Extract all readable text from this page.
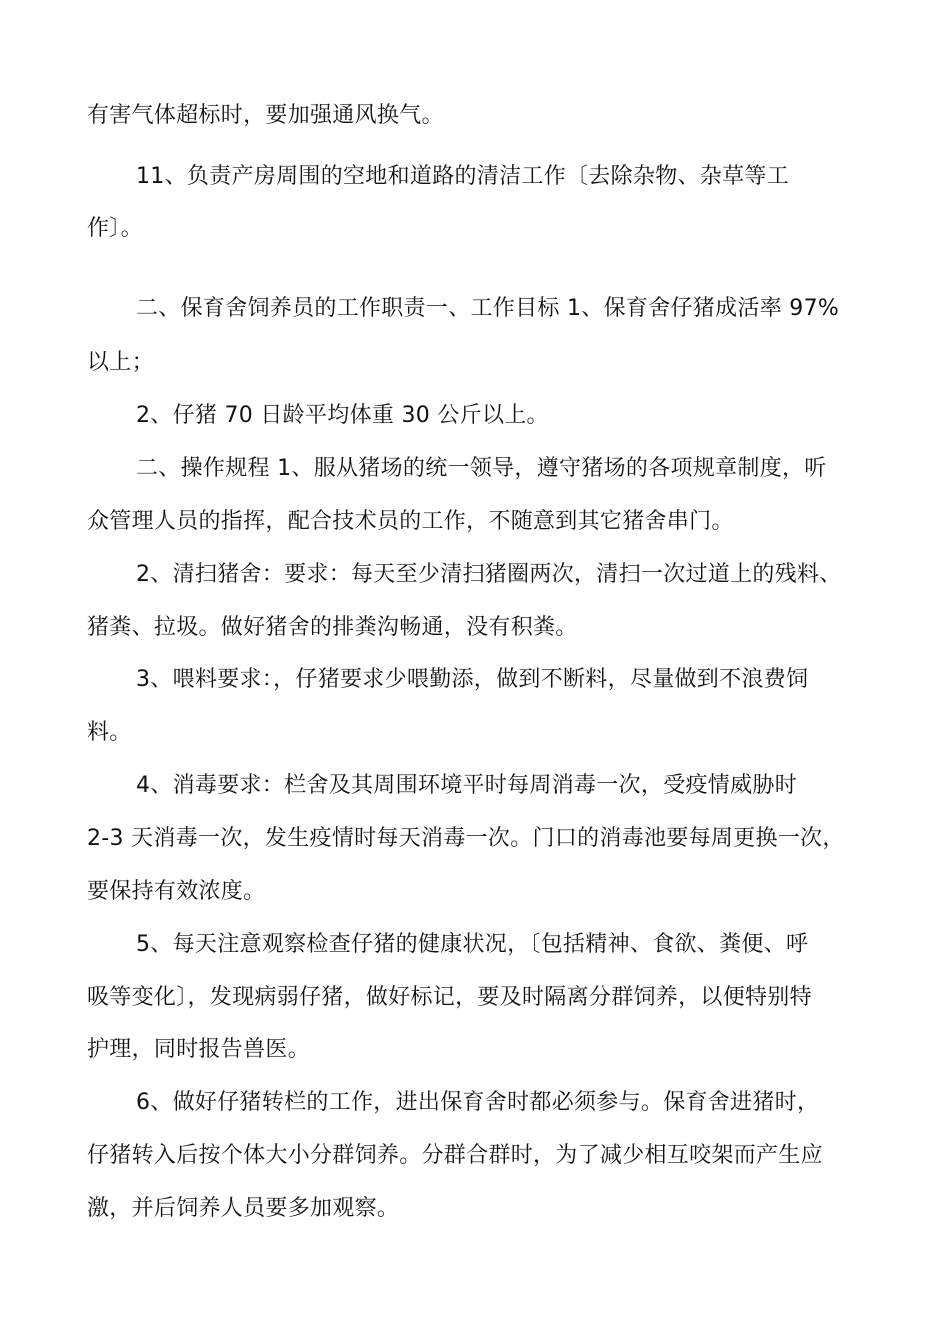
有害气体超标时，要加强通风换气。
11、负责产房周围的空地和道路的清洁工作〔去除杂物、杂草等工
作〕。
二、保育舍饲养员的工作职责一、工作目标 1、保育舍仔猪成活率 97%
以上；
2、仔猪 70 日龄平均体重 30 公斤以上。
二、操作规程 1、服从猪场的统一领导，遵守猪场的各项规章制度，听
众管理人员的指挥，配合技术员的工作，不随意到其它猪舍串门。
2、清扫猪舍：要求：每天至少清扫猪圈两次，清扫一次过道上的残料、
猪粪、拉圾。做好猪舍的排粪沟畅通，没有积粪。
3、喂料要求：，仔猪要求少喂勤添，做到不断料，尽量做到不浪费饲
料。
4、消毒要求：栏舍及其周围环境平时每周消毒一次，受疫情威胁时
2-3 天消毒一次，发生疫情时每天消毒一次。门口的消毒池要每周更换一次，
要保持有效浓度。
5、每天注意观察检查仔猪的健康状况，〔包括精神、食欲、粪便、呼
吸等变化〕，发现病弱仔猪，做好标记，要及时隔离分群饲养，以便特别特
护理，同时报告兽医。
6、做好仔猪转栏的工作，进出保育舍时都必须参与。保育舍进猪时，
仔猪转入后按个体大小分群饲养。分群合群时，为了减少相互咬架而产生应
激，并后饲养人员要多加观察。
